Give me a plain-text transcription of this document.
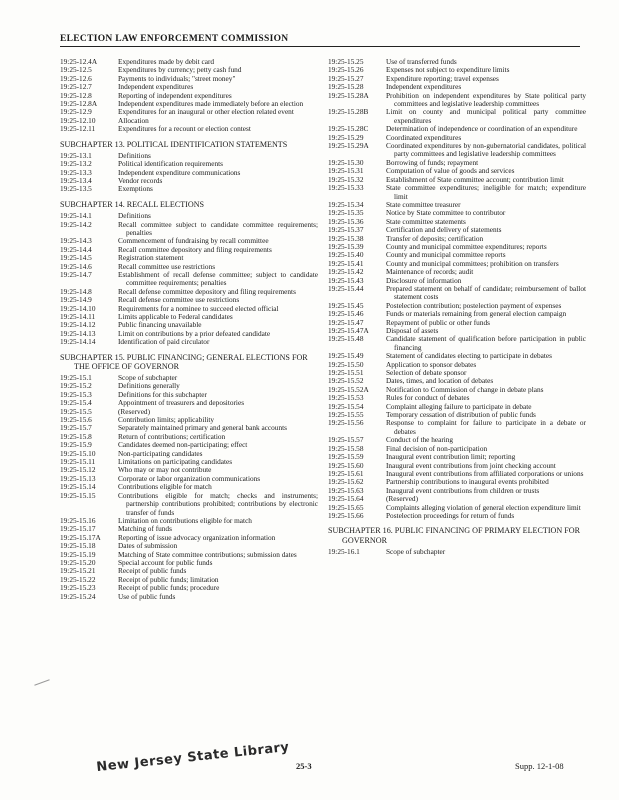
ELECTION LAW ENFORCEMENT COMMISSION
19:25-12.4A	Expenditures made by debit card
19:25-12.5	Expenditures by currency; petty cash fund
19:25-12.6	Payments to individuals; "street money"
19:25-12.7	Independent expenditures
19:25-12.8	Reporting of independent expenditures
19:25-12.8A	Independent expenditures made immediately before an election
19:25-12.9	Expenditures for an inaugural or other election related event
19:25-12.10	Allocation
19:25-12.11	Expenditures for a recount or election contest
SUBCHAPTER 13. POLITICAL IDENTIFICATION STATEMENTS
19:25-13.1	Definitions
19:25-13.2	Political identification requirements
19:25-13.3	Independent expenditure communications
19:25-13.4	Vendor records
19:25-13.5	Exemptions
SUBCHAPTER 14. RECALL ELECTIONS
19:25-14.1	Definitions
19:25-14.2	Recall committee subject to candidate committee requirements; penalties
19:25-14.3	Commencement of fundraising by recall committee
19:25-14.4	Recall committee depository and filing requirements
19:25-14.5	Registration statement
19:25-14.6	Recall committee use restrictions
19:25-14.7	Establishment of recall defense committee; subject to candidate committee requirements; penalties
19:25-14.8	Recall defense committee depository and filing requirements
19:25-14.9	Recall defense committee use restrictions
19:25-14.10	Requirements for a nominee to succeed elected official
19:25-14.11	Limits applicable to Federal candidates
19:25-14.12	Public financing unavailable
19:25-14.13	Limit on contributions by a prior defeated candidate
19:25-14.14	Identification of paid circulator
SUBCHAPTER 15. PUBLIC FINANCING; GENERAL ELECTIONS FOR THE OFFICE OF GOVERNOR
19:25-15.1	Scope of subchapter
19:25-15.2	Definitions generally
19:25-15.3	Definitions for this subchapter
19:25-15.4	Appointment of treasurers and depositories
19:25-15.5	(Reserved)
19:25-15.6	Contribution limits; applicability
19:25-15.7	Separately maintained primary and general bank accounts
19:25-15.8	Return of contributions; certification
19:25-15.9	Candidates deemed non-participating; effect
19:25-15.10	Non-participating candidates
19:25-15.11	Limitations on participating candidates
19:25-15.12	Who may or may not contribute
19:25-15.13	Corporate or labor organization communications
19:25-15.14	Contributions eligible for match
19:25-15.15	Contributions eligible for match; checks and instruments; partnership contributions prohibited; contributions by electronic transfer of funds
19:25-15.16	Limitation on contributions eligible for match
19:25-15.17	Matching of funds
19:25-15.17A	Reporting of issue advocacy organization information
19:25-15.18	Dates of submission
19:25-15.19	Matching of State committee contributions; submission dates
19:25-15.20	Special account for public funds
19:25-15.21	Receipt of public funds
19:25-15.22	Receipt of public funds; limitation
19:25-15.23	Receipt of public funds; procedure
19:25-15.24	Use of public funds
19:25-15.25	Use of transferred funds
19:25-15.26	Expenses not subject to expenditure limits
19:25-15.27	Expenditure reporting; travel expenses
19:25-15.28	Independent expenditures
19:25-15.28A	Prohibition on independent expenditures by State political party committees and legislative leadership committees
19:25-15.28B	Limit on county and municipal political party committee expenditures
19:25-15.28C	Determination of independence or coordination of an expenditure
19:25-15.29	Coordinated expenditures
19:25-15.29A	Coordinated expenditures by non-gubernatorial candidates, political party committees and legislative leadership committees
19:25-15.30	Borrowing of funds; repayment
19:25-15.31	Computation of value of goods and services
19:25-15.32	Establishment of State committee account; contribution limit
19:25-15.33	State committee expenditures; ineligible for match; expenditure limit
19:25-15.34	State committee treasurer
19:25-15.35	Notice by State committee to contributor
19:25-15.36	State committee statements
19:25-15.37	Certification and delivery of statements
19:25-15.38	Transfer of deposits; certification
19:25-15.39	County and municipal committee expenditures; reports
19:25-15.40	County and municipal committee reports
19:25-15.41	County and municipal committees; prohibition on transfers
19:25-15.42	Maintenance of records; audit
19:25-15.43	Disclosure of information
19:25-15.44	Prepared statement on behalf of candidate; reimbursement of ballot statement costs
19:25-15.45	Postelection contribution; postelection payment of expenses
19:25-15.46	Funds or materials remaining from general election campaign
19:25-15.47	Repayment of public or other funds
19:25-15.47A	Disposal of assets
19:25-15.48	Candidate statement of qualification before participation in public financing
19:25-15.49	Statement of candidates electing to participate in debates
19:25-15.50	Application to sponsor debates
19:25-15.51	Selection of debate sponsor
19:25-15.52	Dates, times, and location of debates
19:25-15.52A	Notification to Commission of change in debate plans
19:25-15.53	Rules for conduct of debates
19:25-15.54	Complaint alleging failure to participate in debate
19:25-15.55	Temporary cessation of distribution of public funds
19:25-15.56	Response to complaint for failure to participate in a debate or debates
19:25-15.57	Conduct of the hearing
19:25-15.58	Final decision of non-participation
19:25-15.59	Inaugural event contribution limit; reporting
19:25-15.60	Inaugural event contributions from joint checking account
19:25-15.61	Inaugural event contributions from affiliated corporations or unions
19:25-15.62	Partnership contributions to inaugural events prohibited
19:25-15.63	Inaugural event contributions from children or trusts
19:25-15.64	(Reserved)
19:25-15.65	Complaints alleging violation of general election expenditure limit
19:25-15.66	Postelection proceedings for return of funds
SUBCHAPTER 16. PUBLIC FINANCING OF PRIMARY ELECTION FOR GOVERNOR
19:25-16.1	Scope of subchapter
New Jersey State Library 25-3	Supp. 12-1-08
